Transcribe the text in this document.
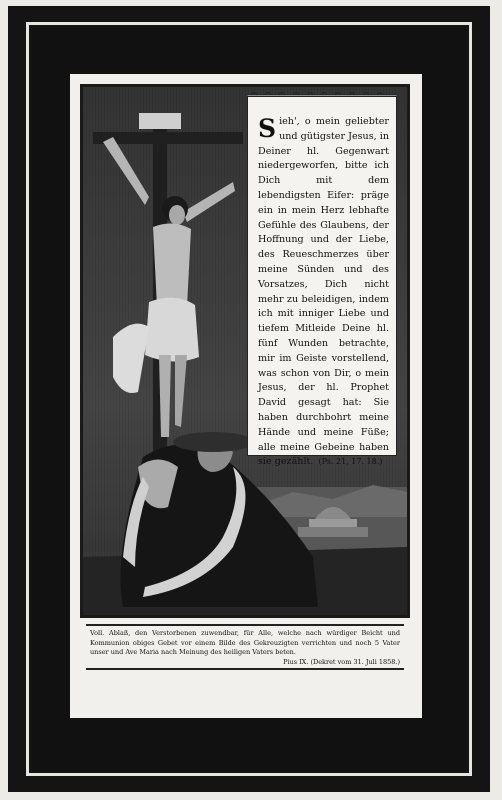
Sieh', o mein geliebter und gütigster Jesus, in Deiner hl. Gegenwart niedergeworfen, bitte ich Dich mit dem lebendigsten Eifer: präge ein in mein Herz lebhafte Gefühle des Glaubens, der Hoffnung und der Liebe, des Reueschmerzes über meine Sünden und des Vorsatzes, Dich nicht mehr zu beleidigen, indem ich mit inniger Liebe und tiefem Mitleide Deine hl. fünf Wunden betrachte, mir im Geiste vorstellend, was schon von Dir, o mein Jesus, der hl. Prophet David gesagt hat: Sie haben durchbohrt meine Hände und meine Füße; alle meine Gebeine haben sie gezählt. (Ps. 21, 17. 18.)

Voll. Ablaß, den Verstorbenen zuwendbar, für Alle, welche nach würdiger Beicht und Kommunion obiges Gebet vor einem Bilde des Gekreuzigten verrichten und noch 5 Vater unser und Ave Maria nach Meinung des heiligen Vaters beten.
Pius IX. (Dekret vom 31. Juli 1858.)
